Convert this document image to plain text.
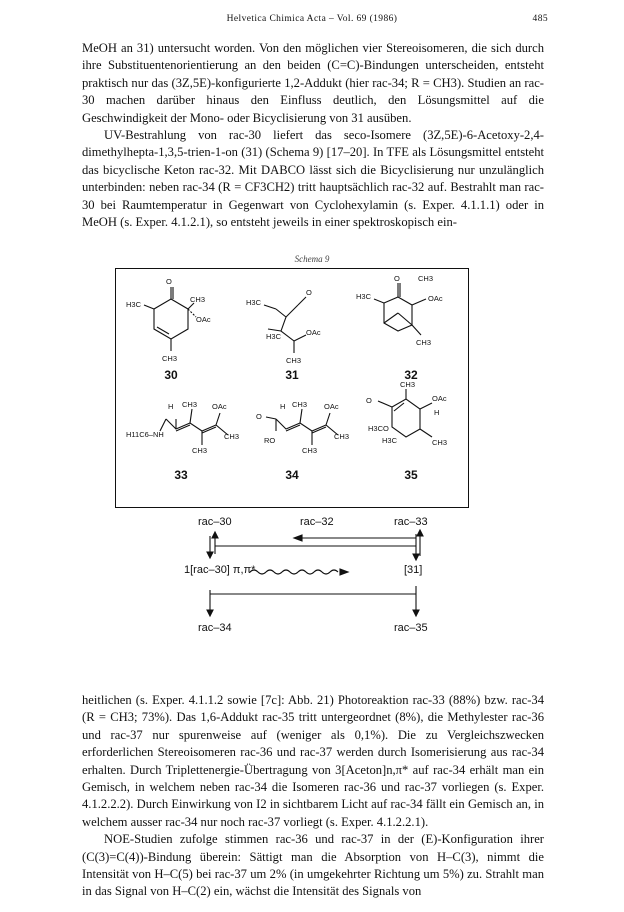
Helvetica Chimica Acta – Vol. 69 (1986)	485

MeOH an 31) untersucht worden. Von den möglichen vier Stereoisomeren, die sich durch ihre Substituentenorientierung an den beiden (C=C)-Bindungen unterscheiden, entsteht praktisch nur das (3Z,5E)-konfigurierte 1,2-Addukt (hier rac-34; R = CH3). Studien an rac-30 machen darüber hinaus den Einfluss deutlich, den Lösungsmittel auf die Geschwindigkeit der Mono- oder Bicyclisierung von 31 ausüben.

UV-Bestrahlung von rac-30 liefert das seco-Isomere (3Z,5E)-6-Acetoxy-2,4-dimethylhepta-1,3,5-trien-1-on (31) (Schema 9) [17–20]. In TFE als Lösungsmittel entsteht das bicyclische Keton rac-32. Mit DABCO lässt sich die Bicyclisierung nur unzulänglich unterbinden: neben rac-34 (R = CF3CH2) tritt hauptsächlich rac-32 auf. Bestrahlt man rac-30 bei Raumtemperatur in Gegenwart von Cyclohexylamin (s. Exper. 4.1.1.1) oder in MeOH (s. Exper. 4.1.2.1), so entsteht jeweils in einer spektroskopisch ein-

Schema 9
O
H3C
CH3
OAc
CH3
O
H3C
H3C	OAc
CH3
O CH3
H3C	OAc
CH3
H CH3 OAc
H11C6–NH	CH3
CH3
H CH3 OAc
O
RO	CH3
CH3
CH3
O	OAc
H
H3CO
H3C	CH3
30	31	32
33	34	35
rac–30	rac–32	rac–33
1[rac–30] π,π*	[31]
rac–34	rac–35

heitlichen (s. Exper. 4.1.1.2 sowie [7c]: Abb. 21) Photoreaktion rac-33 (88%) bzw. rac-34 (R = CH3; 73%). Das 1,6-Addukt rac-35 tritt untergeordnet (8%), die Methylester rac-36 und rac-37 nur spurenweise auf (weniger als 0,1%). Die zu Vergleichszwecken erforderlichen Stereoisomeren rac-36 und rac-37 werden durch Isomerisierung aus rac-34 erhalten. Durch Triplettenergie-Übertragung von 3[Aceton]n,π* auf rac-34 erhält man ein Gemisch, in welchem neben rac-34 die Isomeren rac-36 und rac-37 vorliegen (s. Exper. 4.1.2.2.2). Durch Einwirkung von I2 in sichtbarem Licht auf rac-34 fällt ein Gemisch an, in welchem ausser rac-34 nur noch rac-37 vorliegt (s. Exper. 4.1.2.2.1).

NOE-Studien zufolge stimmen rac-36 und rac-37 in der (E)-Konfiguration ihrer (C(3)=C(4))-Bindung überein: Sättigt man die Absorption von H–C(3), nimmt die Intensität von H–C(5) bei rac-37 um 2% (in umgekehrter Richtung um 5%) zu. Strahlt man in das Signal von H–C(2) ein, wächst die Intensität des Signals von
